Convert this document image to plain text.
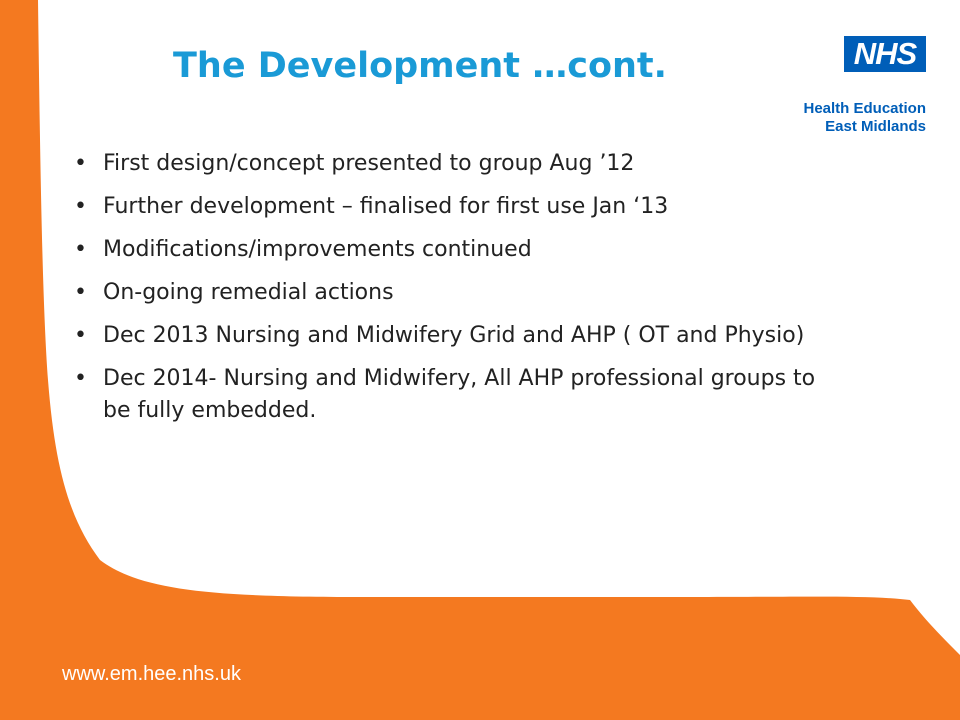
The Development …cont.	NHS
Health Education
East Midlands
• First design/concept presented to group Aug ’12
• Further development – finalised for first use Jan ‘13
• Modifications/improvements continued
• On-going remedial actions
• Dec 2013 Nursing and Midwifery Grid and AHP ( OT and Physio)
• Dec 2014- Nursing and Midwifery, All AHP professional groups to be fully embedded.
www.em.hee.nhs.uk
